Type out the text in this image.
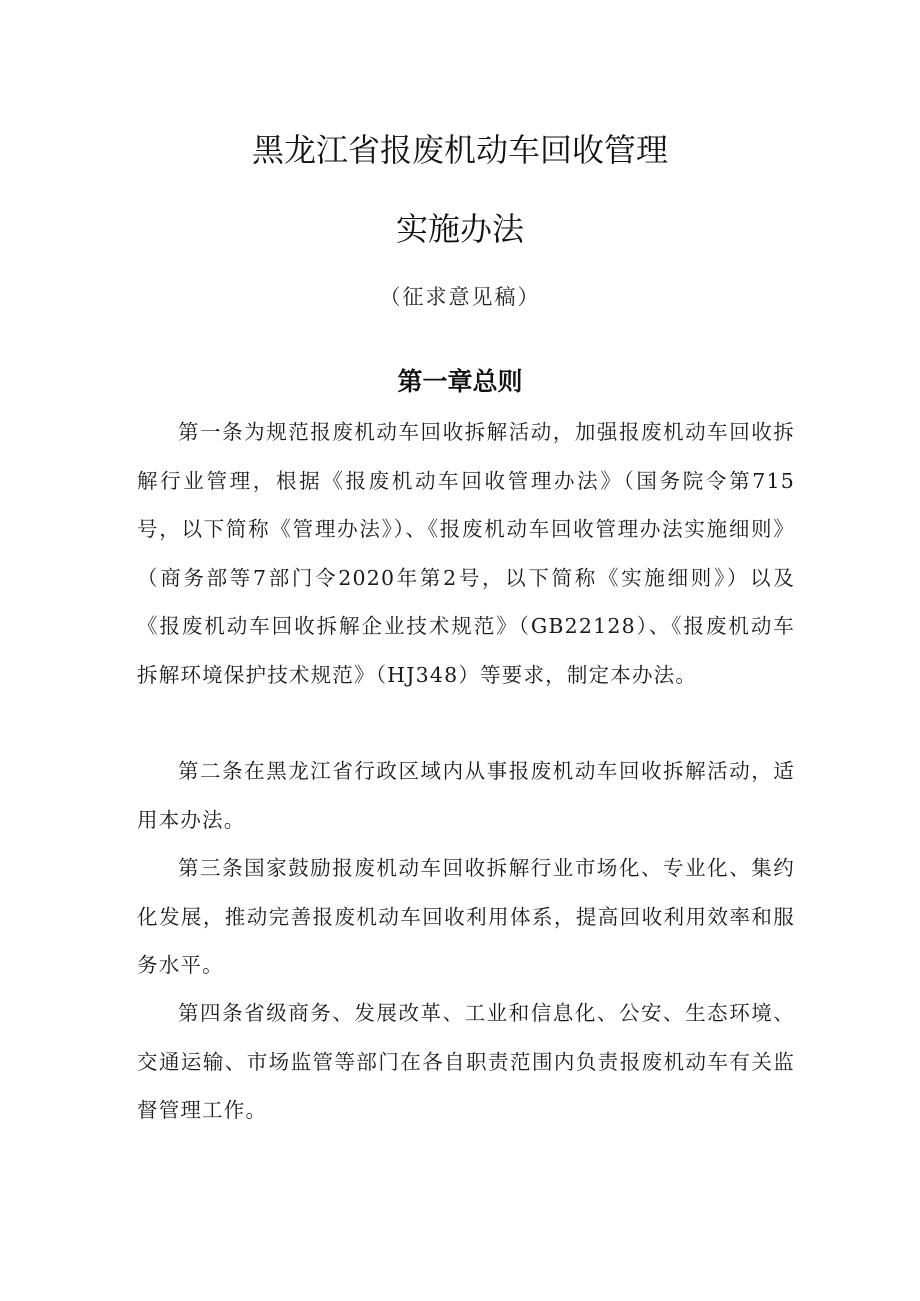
黑龙江省报废机动车回收管理
实施办法
（征求意见稿）
第一章总则

第一条为规范报废机动车回收拆解活动，加强报废机动车回收拆解行业管理，根据《报废机动车回收管理办法》（国务院令第715号，以下简称《管理办法》）、《报废机动车回收管理办法实施细则》（商务部等7部门令2020年第2号，以下简称《实施细则》）以及《报废机动车回收拆解企业技术规范》（GB22128）、《报废机动车拆解环境保护技术规范》（HJ348）等要求，制定本办法。

第二条在黑龙江省行政区域内从事报废机动车回收拆解活动，适用本办法。

第三条国家鼓励报废机动车回收拆解行业市场化、专业化、集约化发展，推动完善报废机动车回收利用体系，提高回收利用效率和服务水平。

第四条省级商务、发展改革、工业和信息化、公安、生态环境、交通运输、市场监管等部门在各自职责范围内负责报废机动车有关监督管理工作。
